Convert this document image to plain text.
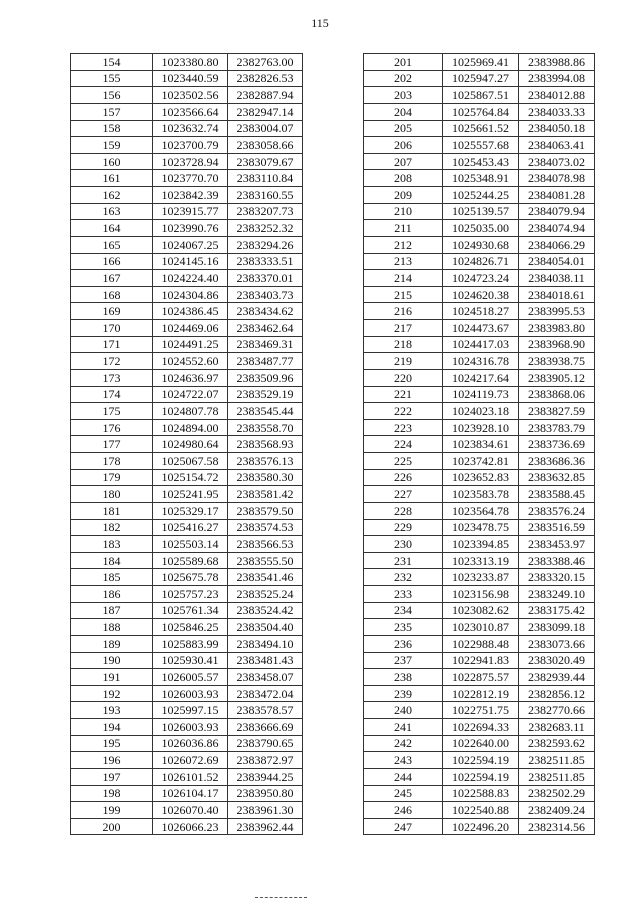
115
154	1023380.80	2382763.00
155	1023440.59	2382826.53
156	1023502.56	2382887.94
157	1023566.64	2382947.14
158	1023632.74	2383004.07
159	1023700.79	2383058.66
160	1023728.94	2383079.67
161	1023770.70	2383110.84
162	1023842.39	2383160.55
163	1023915.77	2383207.73
164	1023990.76	2383252.32
165	1024067.25	2383294.26
166	1024145.16	2383333.51
167	1024224.40	2383370.01
168	1024304.86	2383403.73
169	1024386.45	2383434.62
170	1024469.06	2383462.64
171	1024491.25	2383469.31
172	1024552.60	2383487.77
173	1024636.97	2383509.96
174	1024722.07	2383529.19
175	1024807.78	2383545.44
176	1024894.00	2383558.70
177	1024980.64	2383568.93
178	1025067.58	2383576.13
179	1025154.72	2383580.30
180	1025241.95	2383581.42
181	1025329.17	2383579.50
182	1025416.27	2383574.53
183	1025503.14	2383566.53
184	1025589.68	2383555.50
185	1025675.78	2383541.46
186	1025757.23	2383525.24
187	1025761.34	2383524.42
188	1025846.25	2383504.40
189	1025883.99	2383494.10
190	1025930.41	2383481.43
191	1026005.57	2383458.07
192	1026003.93	2383472.04
193	1025997.15	2383578.57
194	1026003.93	2383666.69
195	1026036.86	2383790.65
196	1026072.69	2383872.97
197	1026101.52	2383944.25
198	1026104.17	2383950.80
199	1026070.40	2383961.30
200	1026066.23	2383962.44
201	1025969.41	2383988.86
202	1025947.27	2383994.08
203	1025867.51	2384012.88
204	1025764.84	2384033.33
205	1025661.52	2384050.18
206	1025557.68	2384063.41
207	1025453.43	2384073.02
208	1025348.91	2384078.98
209	1025244.25	2384081.28
210	1025139.57	2384079.94
211	1025035.00	2384074.94
212	1024930.68	2384066.29
213	1024826.71	2384054.01
214	1024723.24	2384038.11
215	1024620.38	2384018.61
216	1024518.27	2383995.53
217	1024473.67	2383983.80
218	1024417.03	2383968.90
219	1024316.78	2383938.75
220	1024217.64	2383905.12
221	1024119.73	2383868.06
222	1024023.18	2383827.59
223	1023928.10	2383783.79
224	1023834.61	2383736.69
225	1023742.81	2383686.36
226	1023652.83	2383632.85
227	1023583.78	2383588.45
228	1023564.78	2383576.24
229	1023478.75	2383516.59
230	1023394.85	2383453.97
231	1023313.19	2383388.46
232	1023233.87	2383320.15
233	1023156.98	2383249.10
234	1023082.62	2383175.42
235	1023010.87	2383099.18
236	1022988.48	2383073.66
237	1022941.83	2383020.49
238	1022875.57	2382939.44
239	1022812.19	2382856.12
240	1022751.75	2382770.66
241	1022694.33	2382683.11
242	1022640.00	2382593.62
243	1022594.19	2382511.85
244	1022594.19	2382511.85
245	1022588.83	2382502.29
246	1022540.88	2382409.24
247	1022496.20	2382314.56
